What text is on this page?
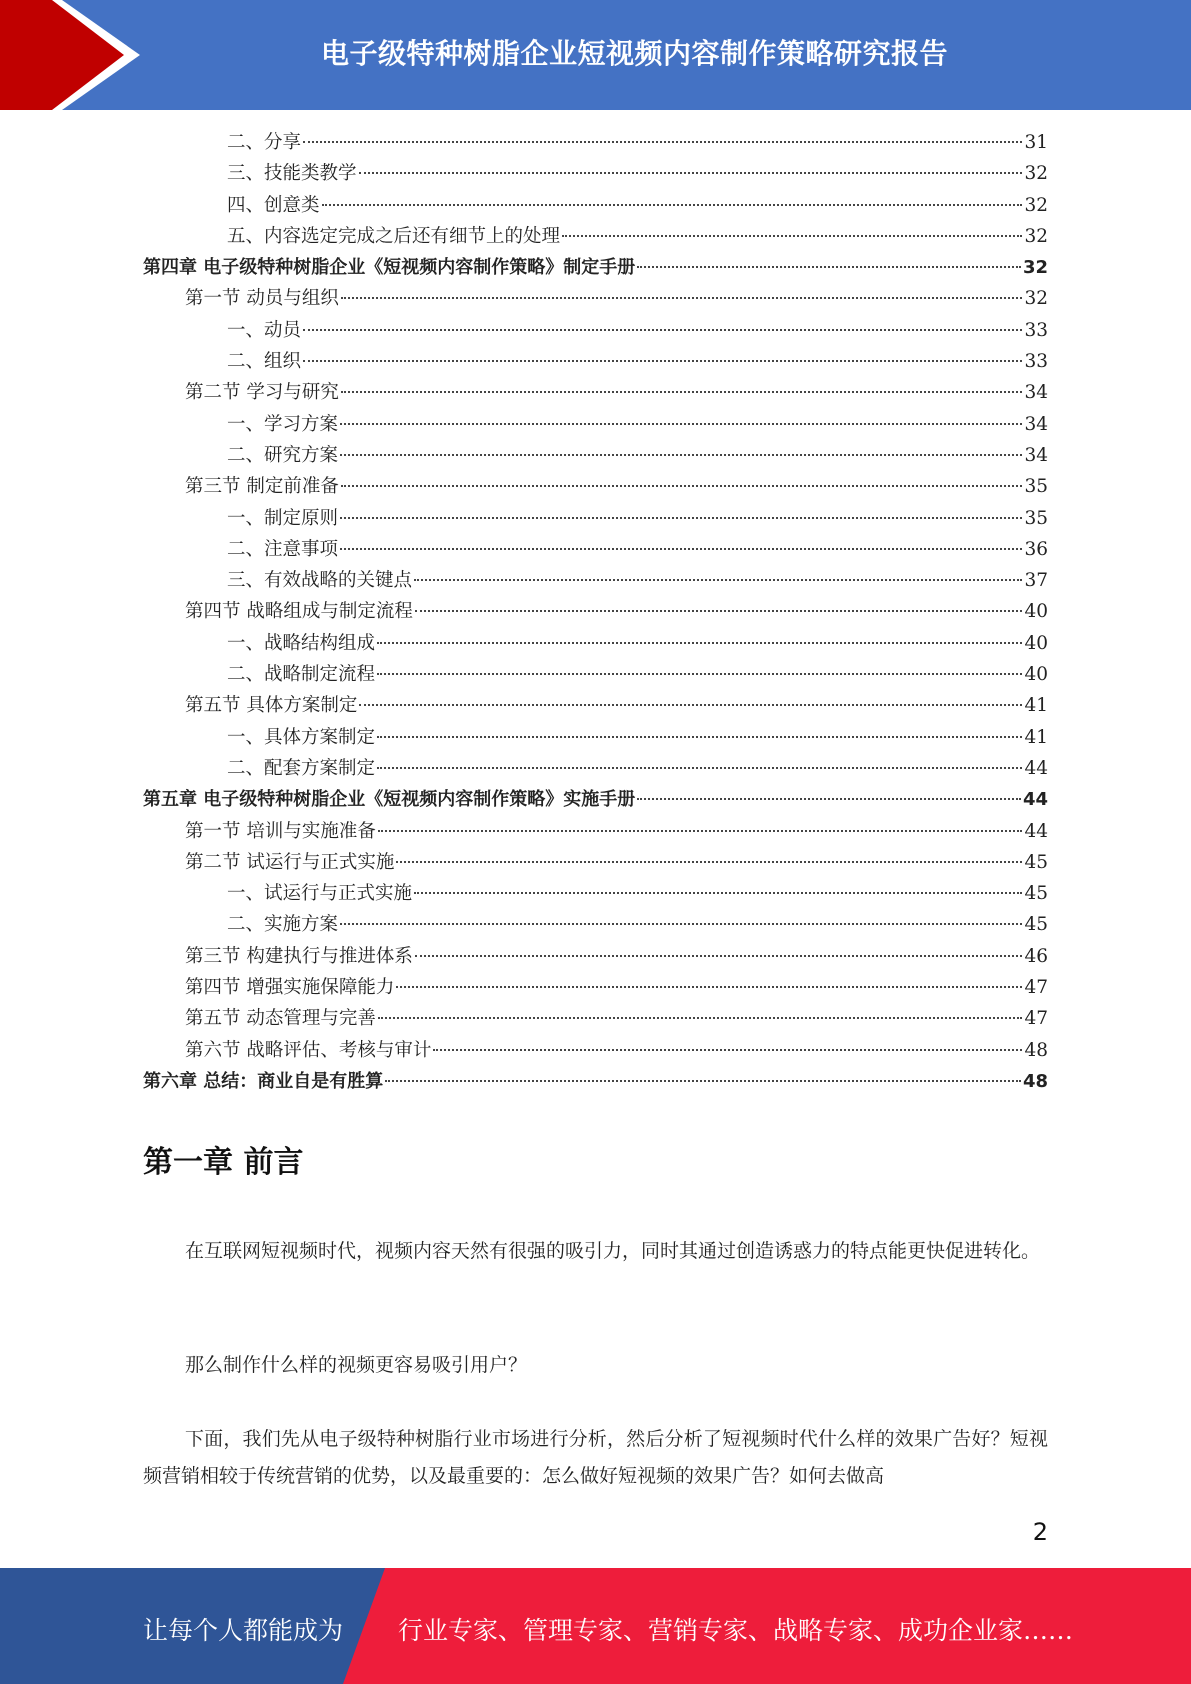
电子级特种树脂企业短视频内容制作策略研究报告
二、分享	31
三、技能类教学	32
四、创意类	32
五、内容选定完成之后还有细节上的处理	32
第四章 电子级特种树脂企业《短视频内容制作策略》制定手册	32
第一节 动员与组织	32
一、动员	33
二、组织	33
第二节 学习与研究	34
一、学习方案	34
二、研究方案	34
第三节 制定前准备	35
一、制定原则	35
二、注意事项	36
三、有效战略的关键点	37
第四节 战略组成与制定流程	40
一、战略结构组成	40
二、战略制定流程	40
第五节 具体方案制定	41
一、具体方案制定	41
二、配套方案制定	44
第五章 电子级特种树脂企业《短视频内容制作策略》实施手册	44
第一节 培训与实施准备	44
第二节 试运行与正式实施	45
一、试运行与正式实施	45
二、实施方案	45
第三节 构建执行与推进体系	46
第四节 增强实施保障能力	47
第五节 动态管理与完善	47
第六节 战略评估、考核与审计	48
第六章 总结：商业自是有胜算	48
第一章 前言
在互联网短视频时代，视频内容天然有很强的吸引力，同时其通过创造诱惑力的特点能更快促进转化。
那么制作什么样的视频更容易吸引用户？
下面，我们先从电子级特种树脂行业市场进行分析，然后分析了短视频时代什么样的效果广告好？短视频营销相较于传统营销的优势，以及最重要的：怎么做好短视频的效果广告？如何去做高
2
让每个人都能成为 行业专家、管理专家、营销专家、战略专家、成功企业家……
